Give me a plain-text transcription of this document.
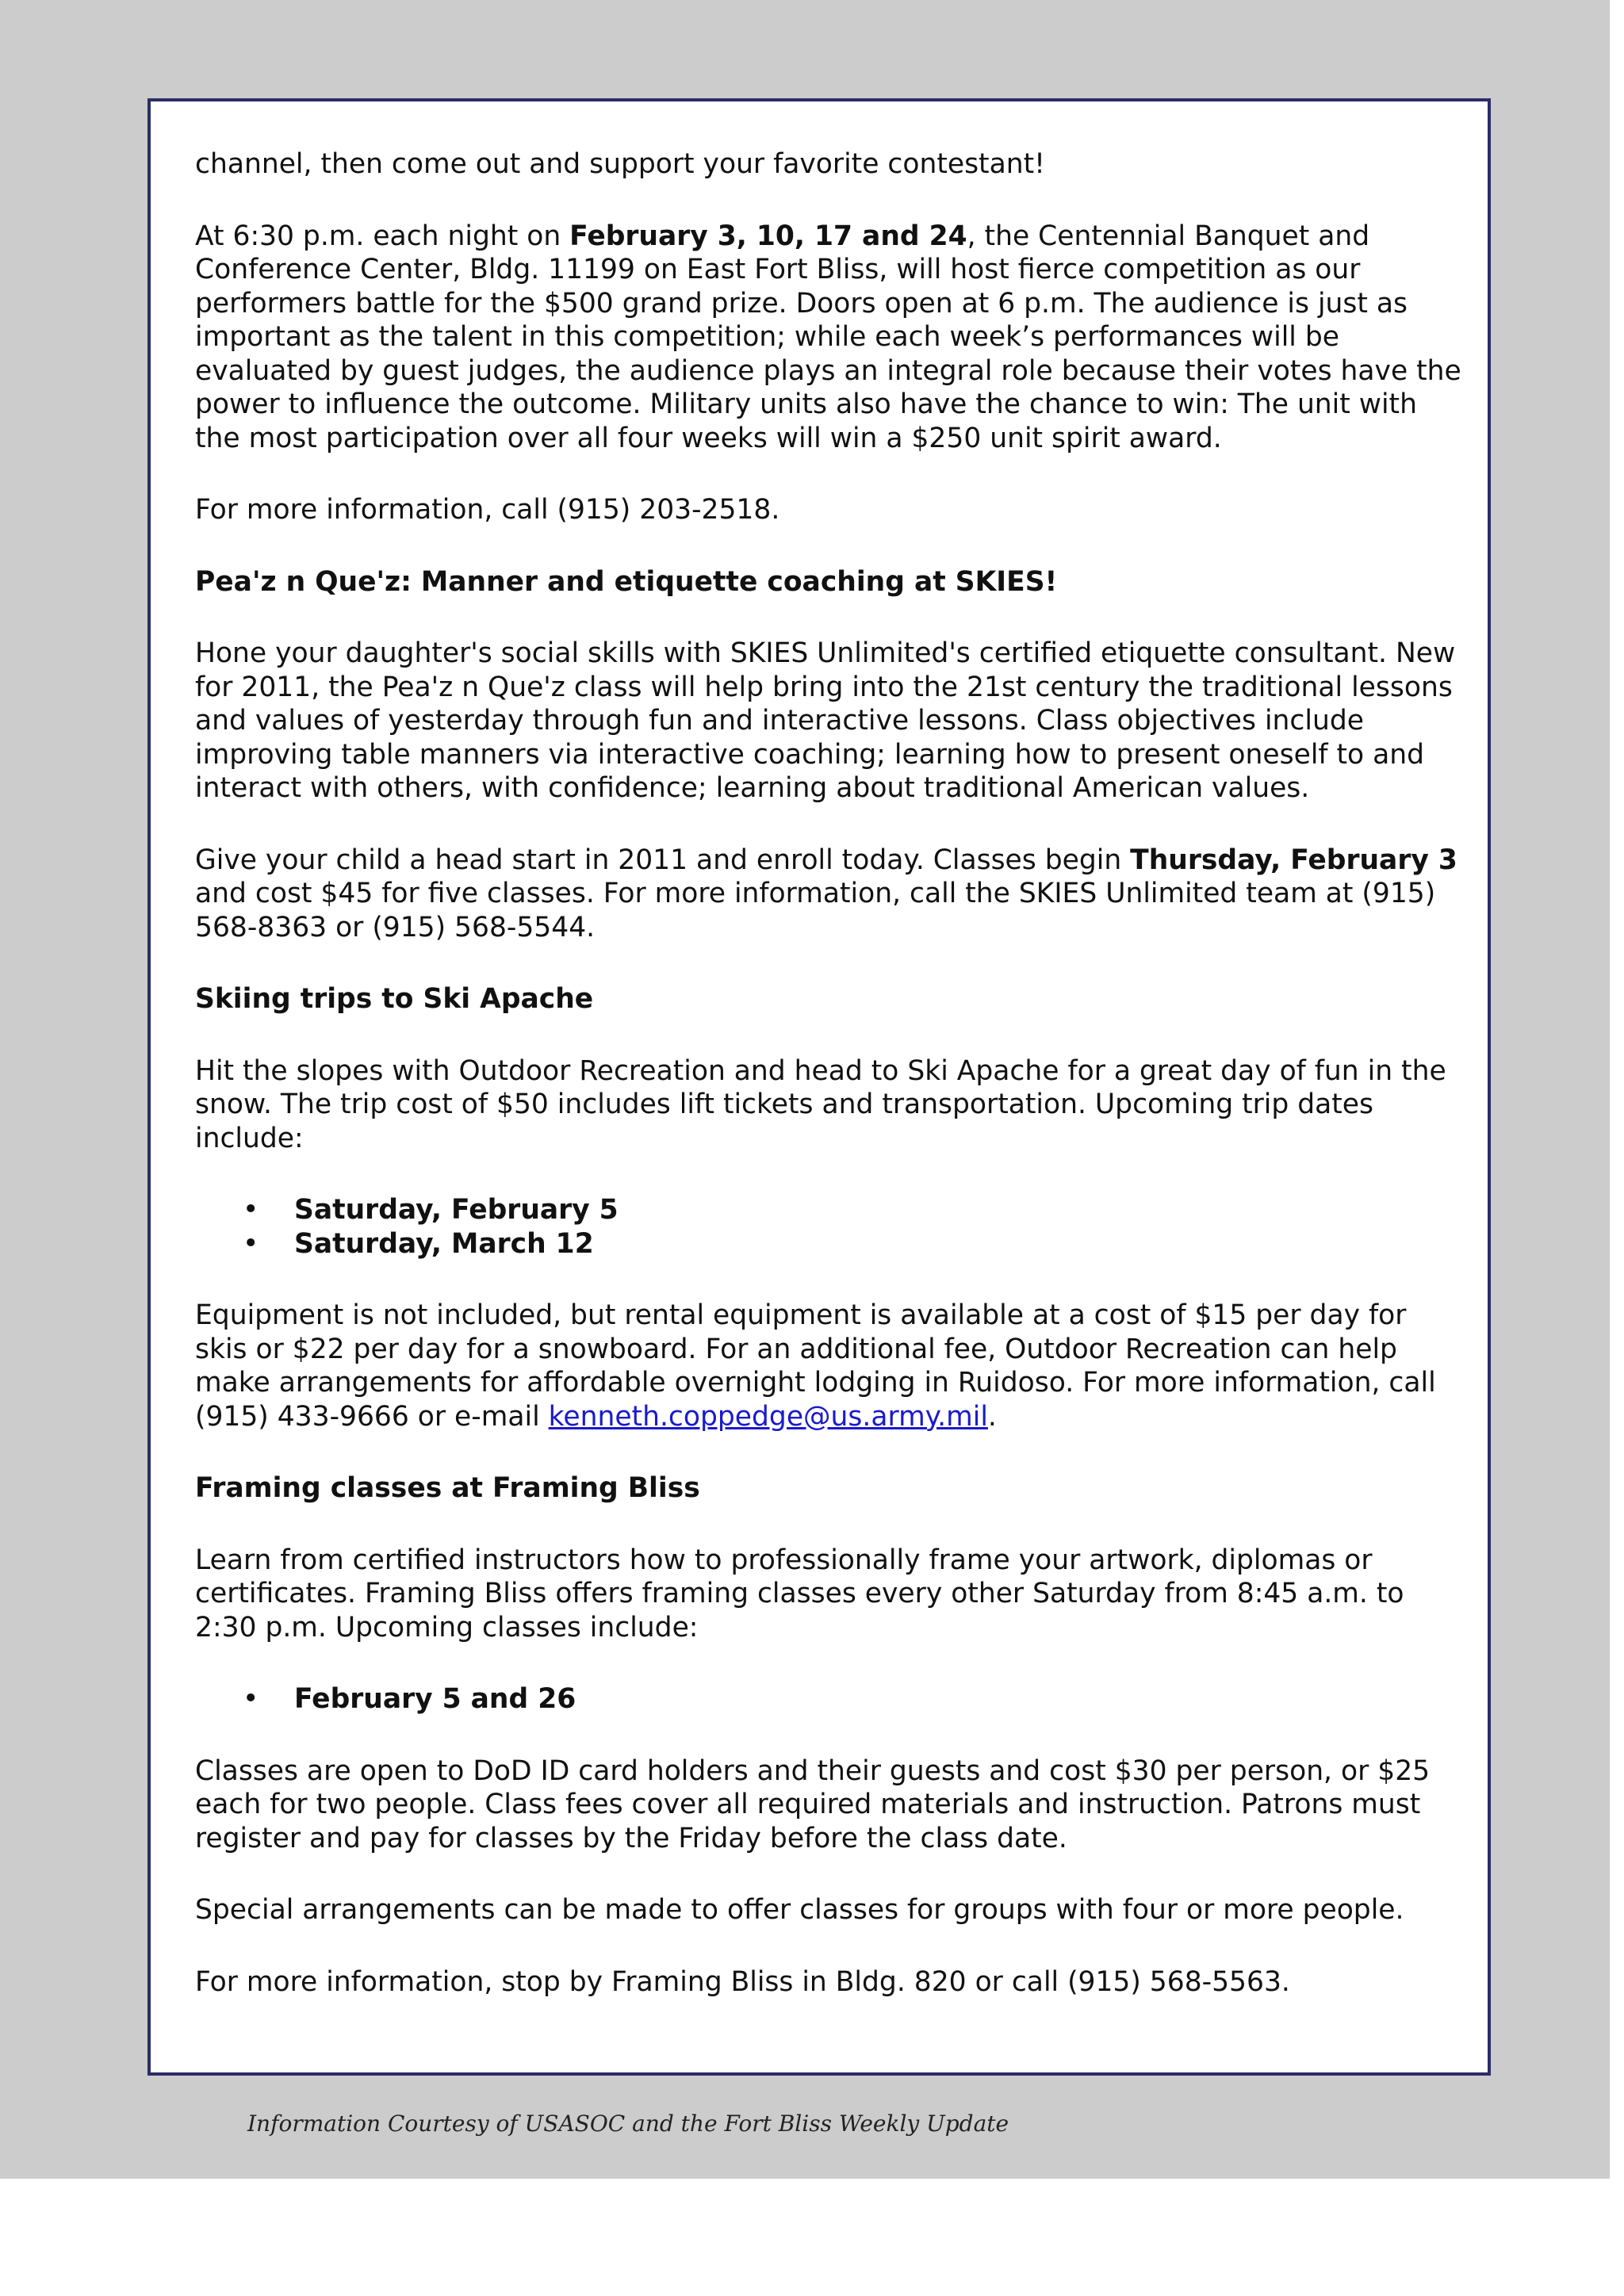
channel, then come out and support your favorite contestant!

At 6:30 p.m. each night on February 3, 10, 17 and 24, the Centennial Banquet and Conference Center, Bldg. 11199 on East Fort Bliss, will host fierce competition as our performers battle for the $500 grand prize. Doors open at 6 p.m. The audience is just as important as the talent in this competition; while each week’s performances will be evaluated by guest judges, the audience plays an integral role because their votes have the power to influence the outcome. Military units also have the chance to win: The unit with the most participation over all four weeks will win a $250 unit spirit award.

For more information, call (915) 203-2518.

Pea'z n Que'z: Manner and etiquette coaching at SKIES!

Hone your daughter's social skills with SKIES Unlimited's certified etiquette consultant. New for 2011, the Pea'z n Que'z class will help bring into the 21st century the traditional lessons and values of yesterday through fun and interactive lessons. Class objectives include improving table manners via interactive coaching; learning how to present oneself to and interact with others, with confidence; learning about traditional American values.

Give your child a head start in 2011 and enroll today. Classes begin Thursday, February 3 and cost $45 for five classes. For more information, call the SKIES Unlimited team at (915) 568-8363 or (915) 568-5544.

Skiing trips to Ski Apache

Hit the slopes with Outdoor Recreation and head to Ski Apache for a great day of fun in the snow. The trip cost of $50 includes lift tickets and transportation. Upcoming trip dates include:

• Saturday, February 5
• Saturday, March 12

Equipment is not included, but rental equipment is available at a cost of $15 per day for skis or $22 per day for a snowboard. For an additional fee, Outdoor Recreation can help make arrangements for affordable overnight lodging in Ruidoso. For more information, call (915) 433-9666 or e-mail kenneth.coppedge@us.army.mil.

Framing classes at Framing Bliss

Learn from certified instructors how to professionally frame your artwork, diplomas or certificates. Framing Bliss offers framing classes every other Saturday from 8:45 a.m. to 2:30 p.m. Upcoming classes include:

• February 5 and 26

Classes are open to DoD ID card holders and their guests and cost $30 per person, or $25 each for two people. Class fees cover all required materials and instruction. Patrons must register and pay for classes by the Friday before the class date.

Special arrangements can be made to offer classes for groups with four or more people.

For more information, stop by Framing Bliss in Bldg. 820 or call (915) 568-5563.

Information Courtesy of USASOC and the Fort Bliss Weekly Update
